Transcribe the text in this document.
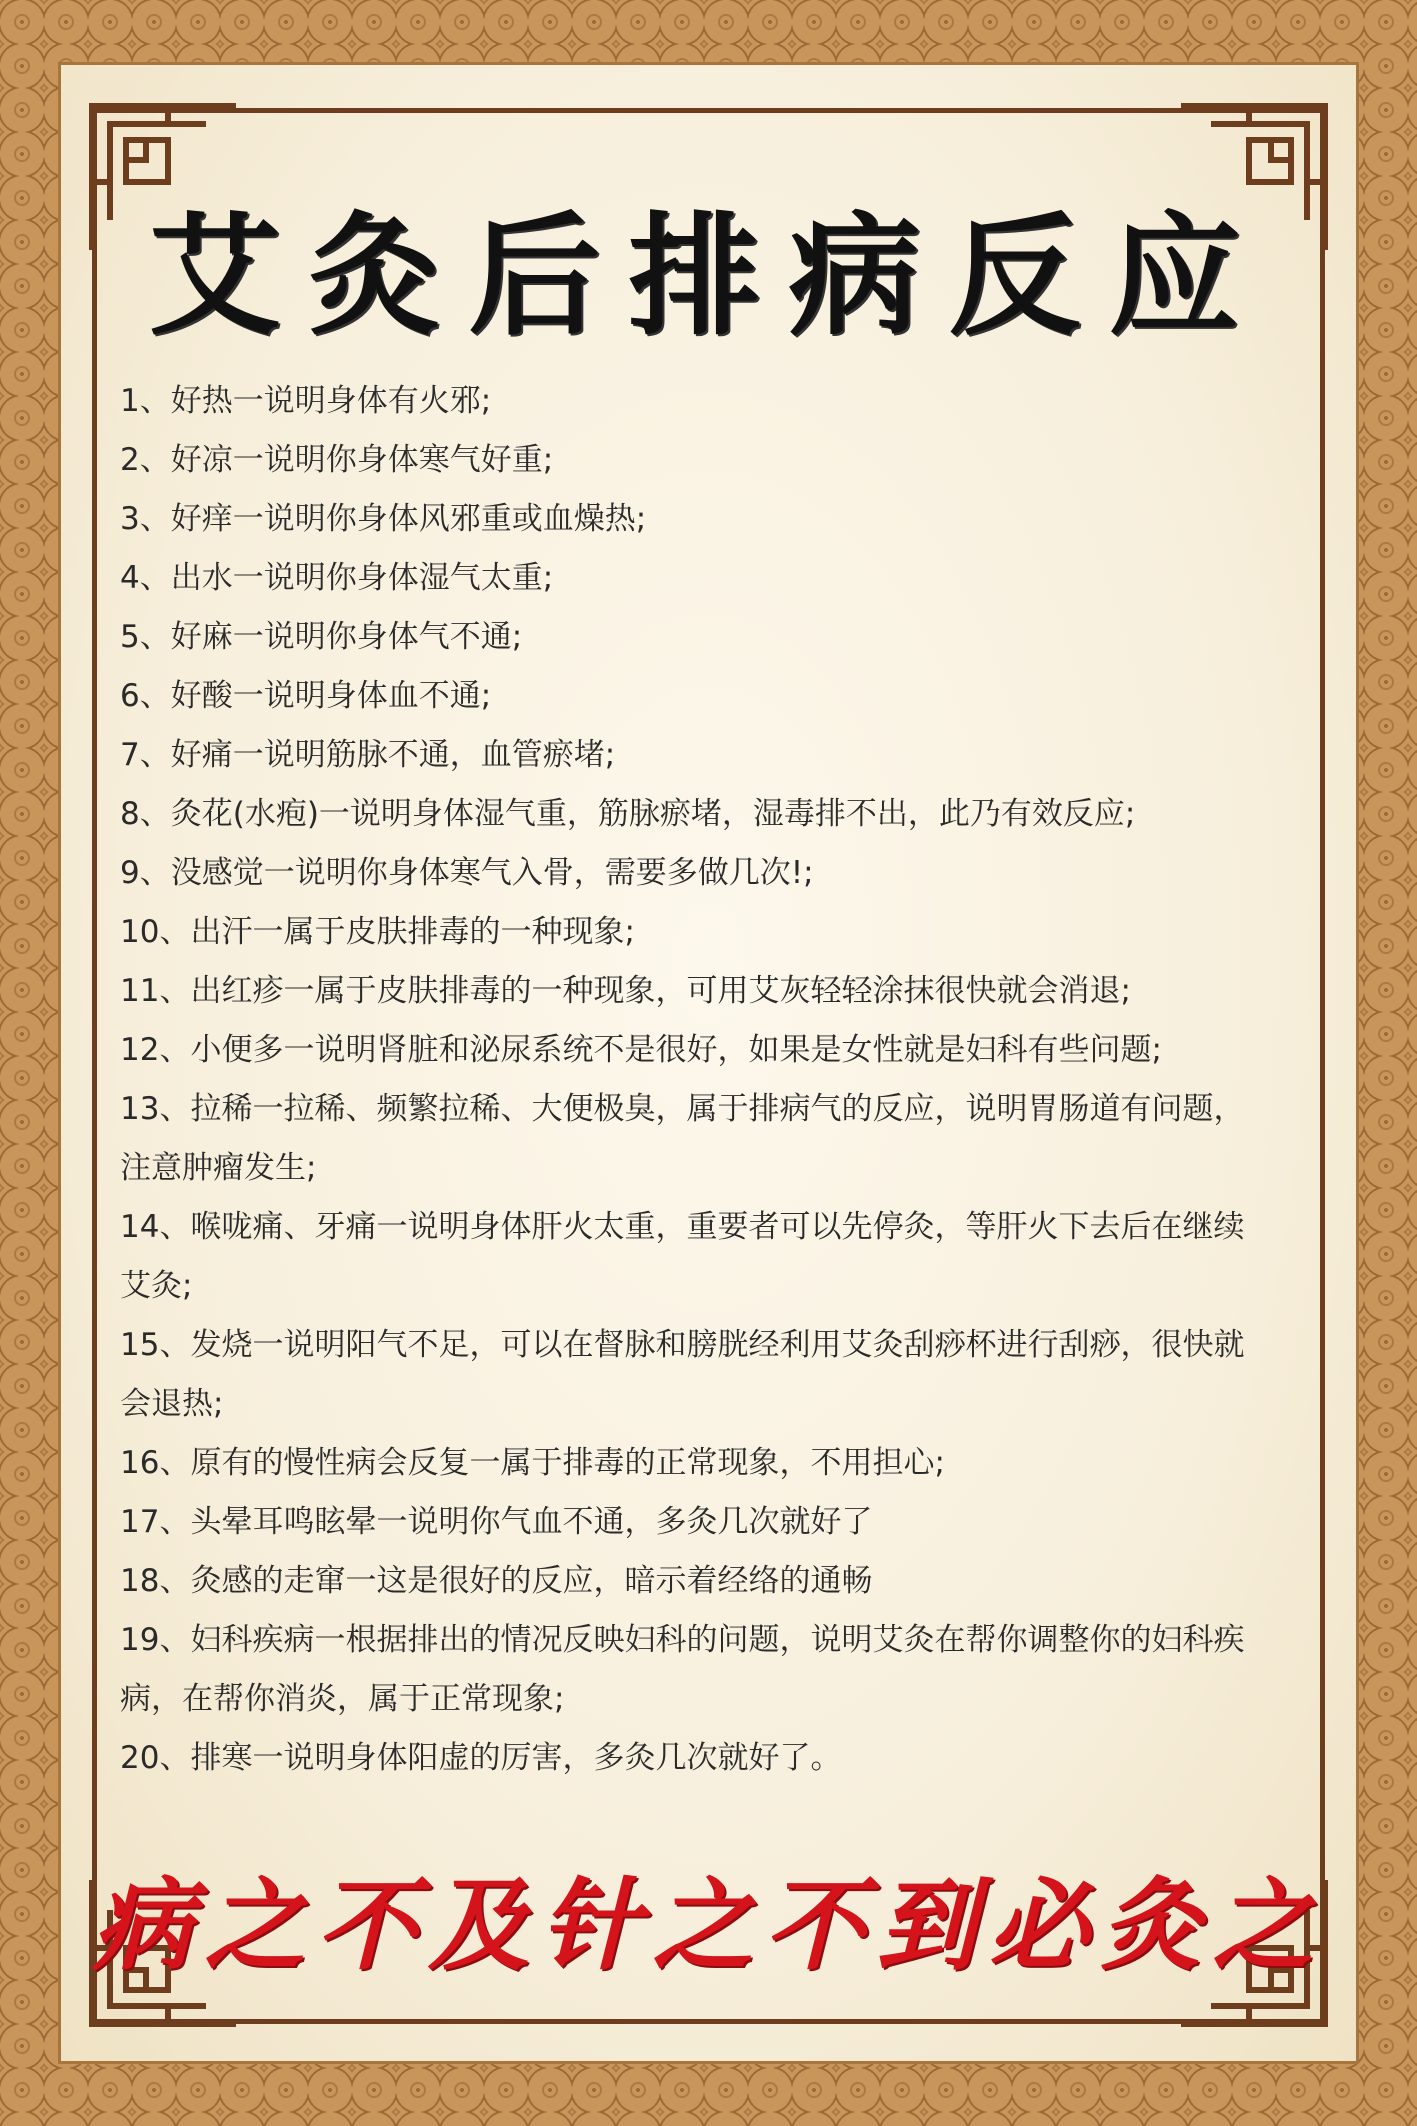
艾灸后排病反应
1、好热一说明身体有火邪;
2、好凉一说明你身体寒气好重;
3、好痒一说明你身体风邪重或血燥热;
4、出水一说明你身体湿气太重;
5、好麻一说明你身体气不通;
6、好酸一说明身体血不通;
7、好痛一说明筋脉不通，血管瘀堵;
8、灸花(水疱)一说明身体湿气重，筋脉瘀堵，湿毒排不出，此乃有效反应;
9、没感觉一说明你身体寒气入骨，需要多做几次!;
10、出汗一属于皮肤排毒的一种现象;
11、出红疹一属于皮肤排毒的一种现象，可用艾灰轻轻涂抹很快就会消退;
12、小便多一说明肾脏和泌尿系统不是很好，如果是女性就是妇科有些问题;
13、拉稀一拉稀、频繁拉稀、大便极臭，属于排病气的反应，说明胃肠道有问题，
注意肿瘤发生;
14、喉咙痛、牙痛一说明身体肝火太重，重要者可以先停灸，等肝火下去后在继续
艾灸;
15、发烧一说明阳气不足，可以在督脉和膀胱经利用艾灸刮痧杯进行刮痧，很快就
会退热;
16、原有的慢性病会反复一属于排毒的正常现象，不用担心;
17、头晕耳鸣眩晕一说明你气血不通，多灸几次就好了
18、灸感的走窜一这是很好的反应，暗示着经络的通畅
19、妇科疾病一根据排出的情况反映妇科的问题，说明艾灸在帮你调整你的妇科疾
病，在帮你消炎，属于正常现象;
20、排寒一说明身体阳虚的厉害，多灸几次就好了。
病之不及针之不到必灸之
